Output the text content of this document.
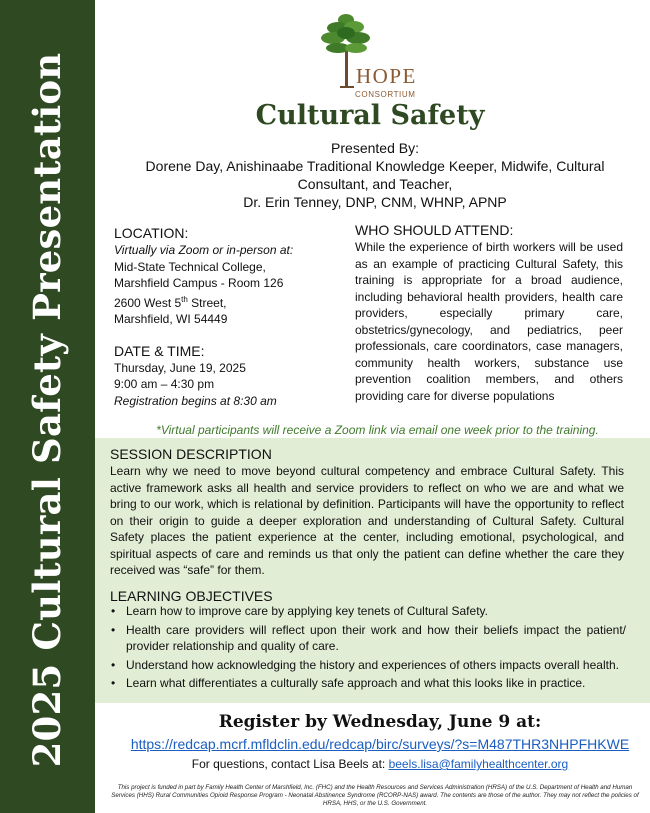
2025 Cultural Safety Presentation	HOPE
CONSORTIUM
Cultural Safety
Presented By:
Dorene Day, Anishinaabe Traditional Knowledge Keeper, Midwife, Cultural Consultant, and Teacher,
Dr. Erin Tenney, DNP, CNM, WHNP, APNP
LOCATION:
Virtually via Zoom or in-person at:
Mid-State Technical College,
Marshfield Campus - Room 126
2600 West 5th Street,
Marshfield, WI 54449
DATE & TIME:
Thursday, June 19, 2025
9:00 am – 4:30 pm
Registration begins at 8:30 am
WHO SHOULD ATTEND:
While the experience of birth workers will be used as an example of practicing Cultural Safety, this training is appropriate for a broad audience, including behavioral health providers, health care providers, especially primary care, obstetrics/gynecology, and pediatrics, peer professionals, care coordinators, case managers, community health workers, substance use prevention coalition members, and others providing care for diverse populations
*Virtual participants will receive a Zoom link via email one week prior to the training.
SESSION DESCRIPTION
Learn why we need to move beyond cultural competency and embrace Cultural Safety. This active framework asks all health and service providers to reflect on who we are and what we bring to our work, which is relational by definition. Participants will have the opportunity to reflect on their origin to guide a deeper exploration and understanding of Cultural Safety. Cultural Safety places the patient experience at the center, including emotional, psychological, and spiritual aspects of care and reminds us that only the patient can define whether the care they received was “safe” for them.
LEARNING OBJECTIVES
• Learn how to improve care by applying key tenets of Cultural Safety.
• Health care providers will reflect upon their work and how their beliefs impact the patient/ provider relationship and quality of care.
• Understand how acknowledging the history and experiences of others impacts overall health.
• Learn what differentiates a culturally safe approach and what this looks like in practice.
Register by Wednesday, June 9 at:
https://redcap.mcrf.mfldclin.edu/redcap/birc/surveys/?s=M487THR3NHPFHKWE
For questions, contact Lisa Beels at: beels.lisa@familyhealthcenter.org
This project is funded in part by Family Health Center of Marshfield, Inc. (FHC) and the Health Resources and Services Administration (HRSA) of the U.S. Department of Health and Human Services (HHS) Rural Communities Opioid Response Program - Neonatal Abstinence Syndrome (RCORP-NAS) award. The contents are those of the author. They may not reflect the policies of HRSA, HHS, or the U.S. Government.
